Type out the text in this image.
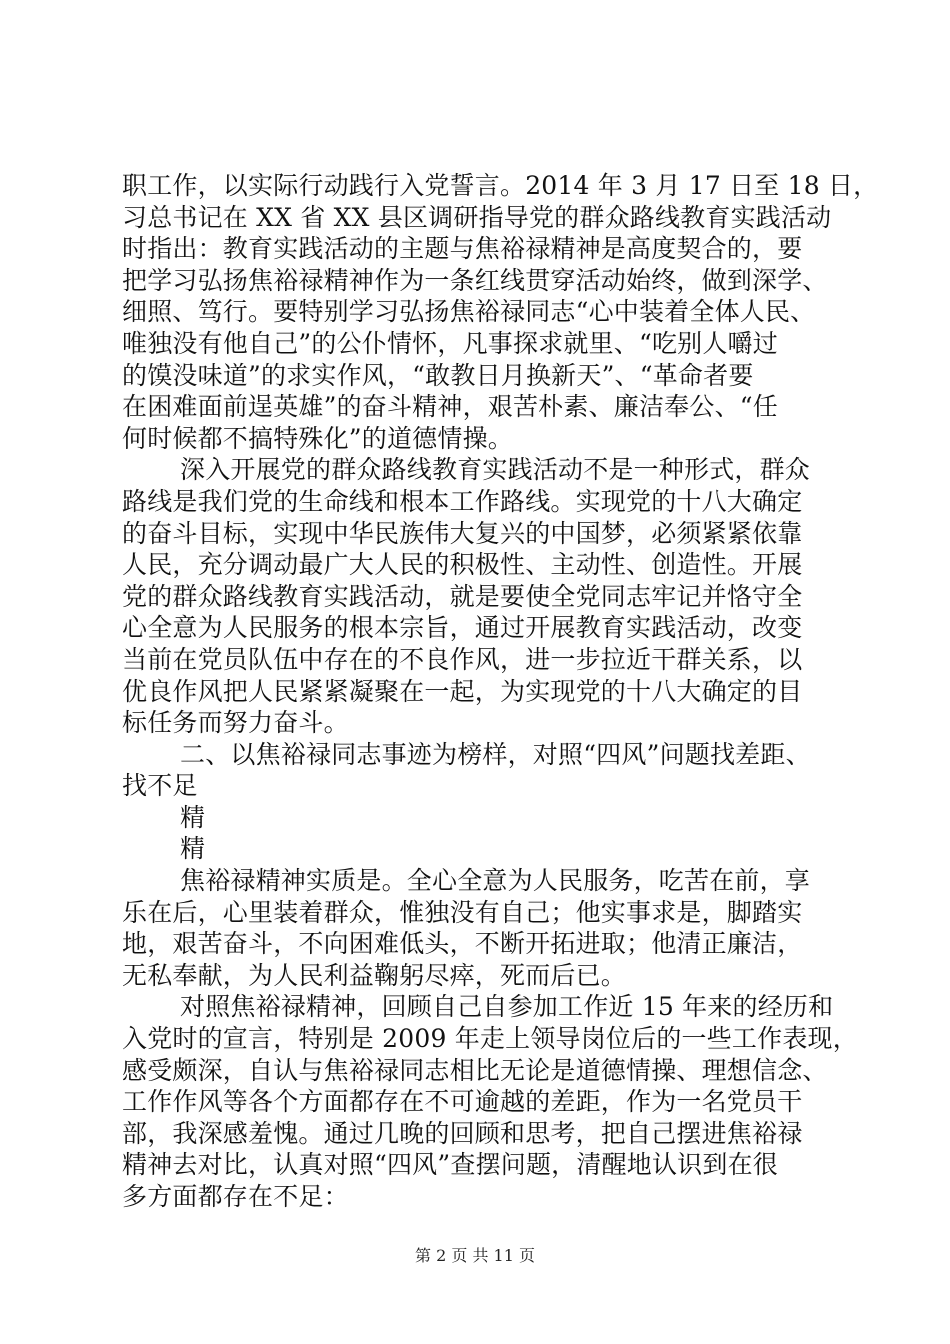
职工作，以实际行动践行入党誓言。2014 年 3 月 17 日至 18 日，
习总书记在 XX 省 XX 县区调研指导党的群众路线教育实践活动
时指出：教育实践活动的主题与焦裕禄精神是高度契合的，要
把学习弘扬焦裕禄精神作为一条红线贯穿活动始终，做到深学、
细照、笃行。要特别学习弘扬焦裕禄同志“心中装着全体人民、
唯独没有他自己”的公仆情怀，凡事探求就里、“吃别人嚼过
的馍没味道”的求实作风，“敢教日月换新天”、“革命者要
在困难面前逞英雄”的奋斗精神，艰苦朴素、廉洁奉公、“任
何时候都不搞特殊化”的道德情操。
深入开展党的群众路线教育实践活动不是一种形式，群众
路线是我们党的生命线和根本工作路线。实现党的十八大确定
的奋斗目标，实现中华民族伟大复兴的中国梦，必须紧紧依靠
人民，充分调动最广大人民的积极性、主动性、创造性。开展
党的群众路线教育实践活动，就是要使全党同志牢记并恪守全
心全意为人民服务的根本宗旨，通过开展教育实践活动，改变
当前在党员队伍中存在的不良作风，进一步拉近干群关系，以
优良作风把人民紧紧凝聚在一起，为实现党的十八大确定的目
标任务而努力奋斗。
二、以焦裕禄同志事迹为榜样，对照“四风”问题找差距、
找不足
精
精
焦裕禄精神实质是。全心全意为人民服务，吃苦在前，享
乐在后，心里装着群众，惟独没有自己；他实事求是，脚踏实
地，艰苦奋斗，不向困难低头，不断开拓进取；他清正廉洁，
无私奉献，为人民利益鞠躬尽瘁，死而后已。
对照焦裕禄精神，回顾自己自参加工作近 15 年来的经历和
入党时的宣言，特别是 2009 年走上领导岗位后的一些工作表现，
感受颇深，自认与焦裕禄同志相比无论是道德情操、理想信念、
工作作风等各个方面都存在不可逾越的差距，作为一名党员干
部，我深感羞愧。通过几晚的回顾和思考，把自己摆进焦裕禄
精神去对比，认真对照“四风”查摆问题，清醒地认识到在很
多方面都存在不足：
第 2 页 共 11 页
